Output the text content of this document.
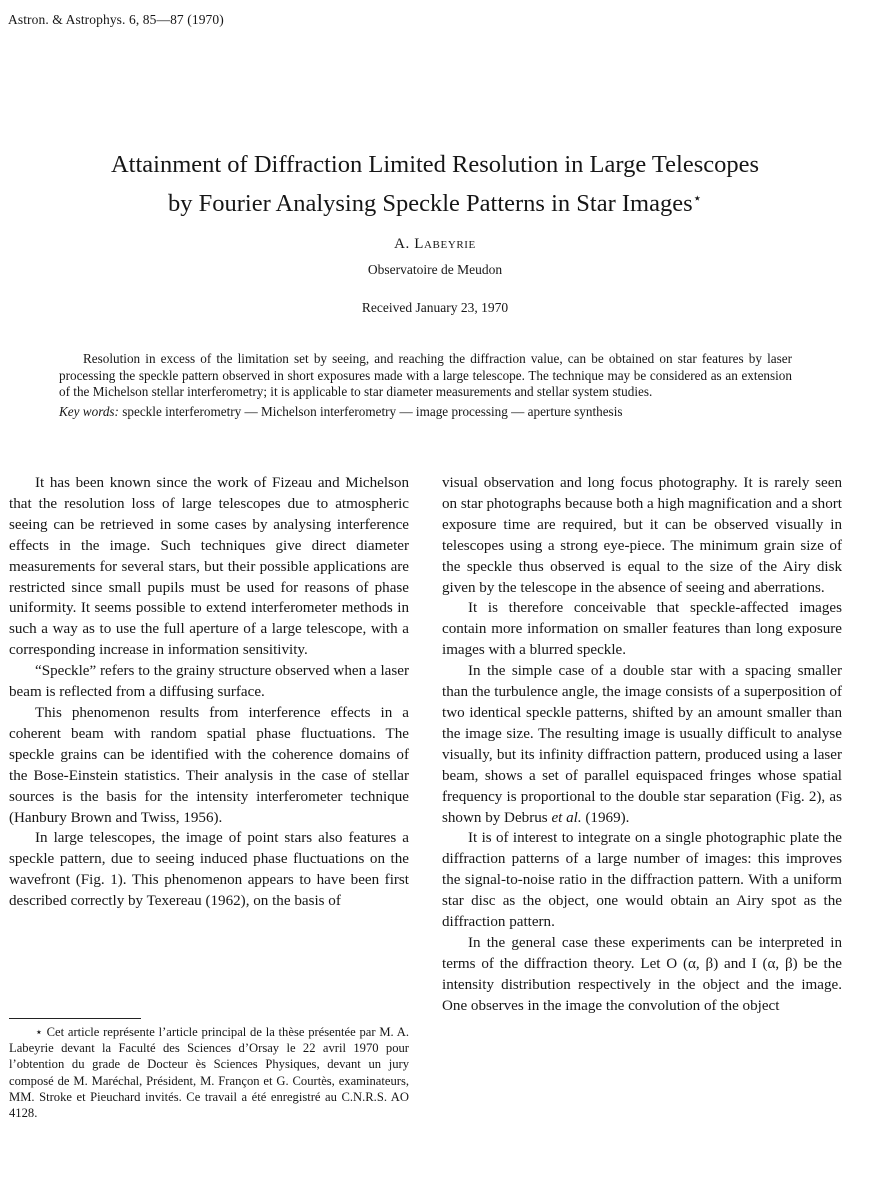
Astron. & Astrophys. 6, 85—87 (1970)
Attainment of Diffraction Limited Resolution in Large Telescopes
by Fourier Analysing Speckle Patterns in Star Images⋆
A. Labeyrie
Observatoire de Meudon
Received January 23, 1970

Resolution in excess of the limitation set by seeing, and reaching the diffraction value, can be obtained on star features by laser processing the speckle pattern observed in short exposures made with a large telescope. The technique may be considered as an extension of the Michelson stellar interferometry; it is applicable to star diameter measurements and stellar system studies.

Key words: speckle interferometry — Michelson interferometry — image processing — aperture synthesis

It has been known since the work of Fizeau and Michelson that the resolution loss of large telescopes due to atmospheric seeing can be retrieved in some cases by analysing interference effects in the image. Such techniques give direct diameter measurements for several stars, but their possible applications are restricted since small pupils must be used for reasons of phase uniformity. It seems possible to extend interferometer methods in such a way as to use the full aperture of a large telescope, with a corresponding increase in information sensitivity.

“Speckle” refers to the grainy structure observed when a laser beam is reflected from a diffusing surface.

This phenomenon results from interference effects in a coherent beam with random spatial phase fluctuations. The speckle grains can be identified with the coherence domains of the Bose-Einstein statistics. Their analysis in the case of stellar sources is the basis for the intensity interferometer technique (Hanbury Brown and Twiss, 1956).

In large telescopes, the image of point stars also features a speckle pattern, due to seeing induced phase fluctuations on the wavefront (Fig. 1). This phenomenon appears to have been first described correctly by Texereau (1962), on the basis of

⋆ Cet article représente l’article principal de la thèse présentée par M. A. Labeyrie devant la Faculté des Sciences d’Orsay le 22 avril 1970 pour l’obtention du grade de Docteur ès Sciences Physiques, devant un jury composé de M. Maréchal, Président, M. Françon et G. Courtès, examinateurs, MM. Stroke et Pieuchard invités. Ce travail a été enregistré au C.N.R.S. AO 4128.

visual observation and long focus photography. It is rarely seen on star photographs because both a high magnification and a short exposure time are required, but it can be observed visually in telescopes using a strong eye-piece. The minimum grain size of the speckle thus observed is equal to the size of the Airy disk given by the telescope in the absence of seeing and aberrations.

It is therefore conceivable that speckle-affected images contain more information on smaller features than long exposure images with a blurred speckle.

In the simple case of a double star with a spacing smaller than the turbulence angle, the image consists of a superposition of two identical speckle patterns, shifted by an amount smaller than the image size. The resulting image is usually difficult to analyse visually, but its infinity diffraction pattern, produced using a laser beam, shows a set of parallel equispaced fringes whose spatial frequency is proportional to the double star separation (Fig. 2), as shown by Debrus et al. (1969).

It is of interest to integrate on a single photographic plate the diffraction patterns of a large number of images: this improves the signal-to-noise ratio in the diffraction pattern. With a uniform star disc as the object, one would obtain an Airy spot as the diffraction pattern.

In the general case these experiments can be interpreted in terms of the diffraction theory. Let O (α, β) and I (α, β) be the intensity distribution respectively in the object and the image. One observes in the image the convolution of the object
